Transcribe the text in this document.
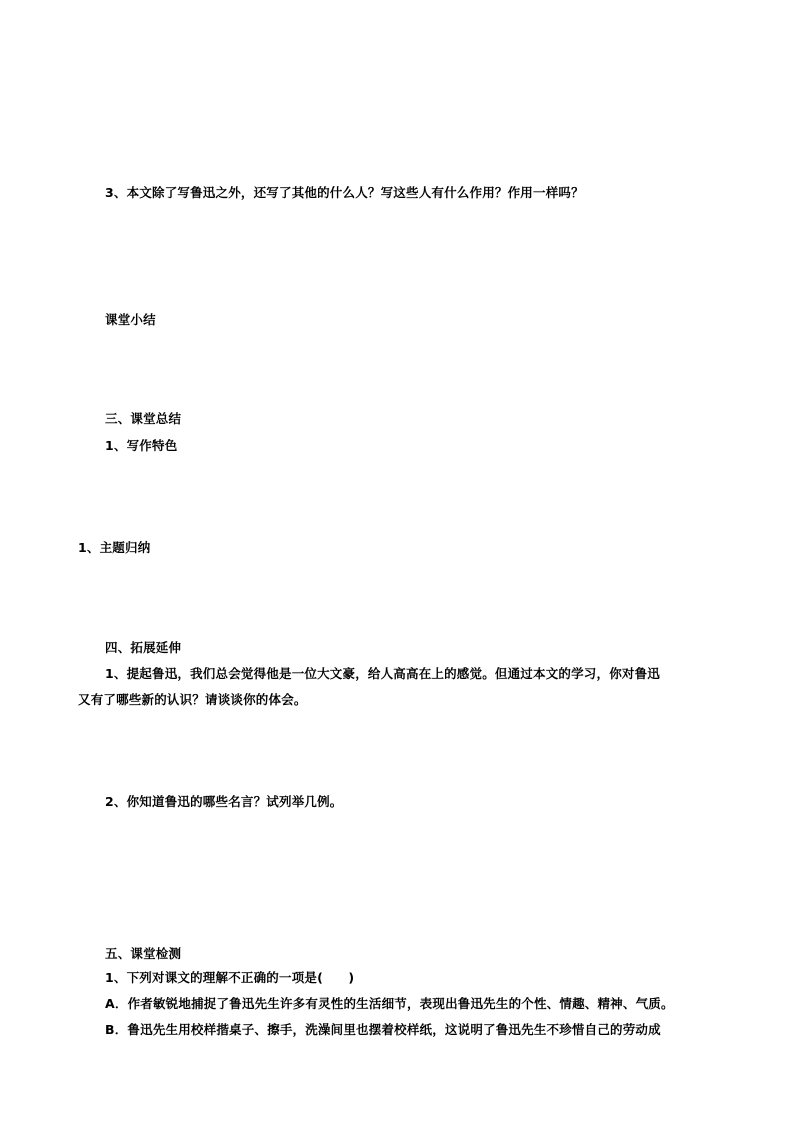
3、本文除了写鲁迅之外，还写了其他的什么人？写这些人有什么作用？作用一样吗？
课堂小结
三、课堂总结
1、写作特色
1、主题归纳
四、拓展延伸
1、提起鲁迅，我们总会觉得他是一位大文豪，给人高高在上的感觉。但通过本文的学习，你对鲁迅
又有了哪些新的认识？请谈谈你的体会。
2、你知道鲁迅的哪些名言？试列举几例。
五、课堂检测
1、下列对课文的理解不正确的一项是(　　)
A．作者敏锐地捕捉了鲁迅先生许多有灵性的生活细节，表现出鲁迅先生的个性、情趣、精神、气质。
B．鲁迅先生用校样揩桌子、擦手，洗澡间里也摆着校样纸，这说明了鲁迅先生不珍惜自己的劳动成
